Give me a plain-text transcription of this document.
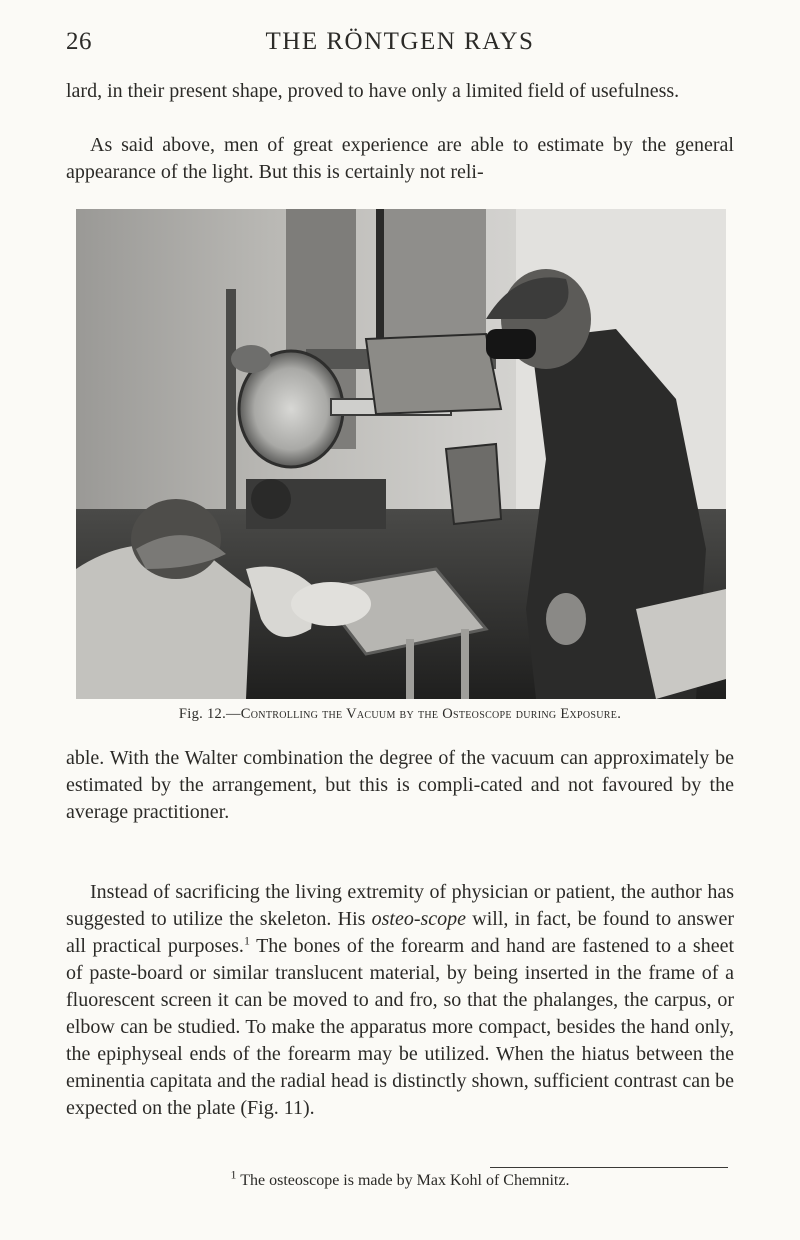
26	THE RÖNTGEN RAYS

lard, in their present shape, proved to have only a limited field of usefulness.

As said above, men of great experience are able to estimate by the general appearance of the light. But this is certainly not reli-

Fig. 12.—Controlling the Vacuum by the Osteoscope during Exposure.

able. With the Walter combination the degree of the vacuum can approximately be estimated by the arrangement, but this is compli-cated and not favoured by the average practitioner.

Instead of sacrificing the living extremity of physician or patient, the author has suggested to utilize the skeleton. His osteo-scope will, in fact, be found to answer all practical purposes.$^1$ The bones of the forearm and hand are fastened to a sheet of paste-board or similar translucent material, by being inserted in the frame of a fluorescent screen it can be moved to and fro, so that the phalanges, the carpus, or elbow can be studied. To make the apparatus more compact, besides the hand only, the epiphyseal ends of the forearm may be utilized. When the hiatus between the eminentia capitata and the radial head is distinctly shown, sufficient contrast can be expected on the plate (Fig. 11).

$^1$ The osteoscope is made by Max Kohl of Chemnitz.
